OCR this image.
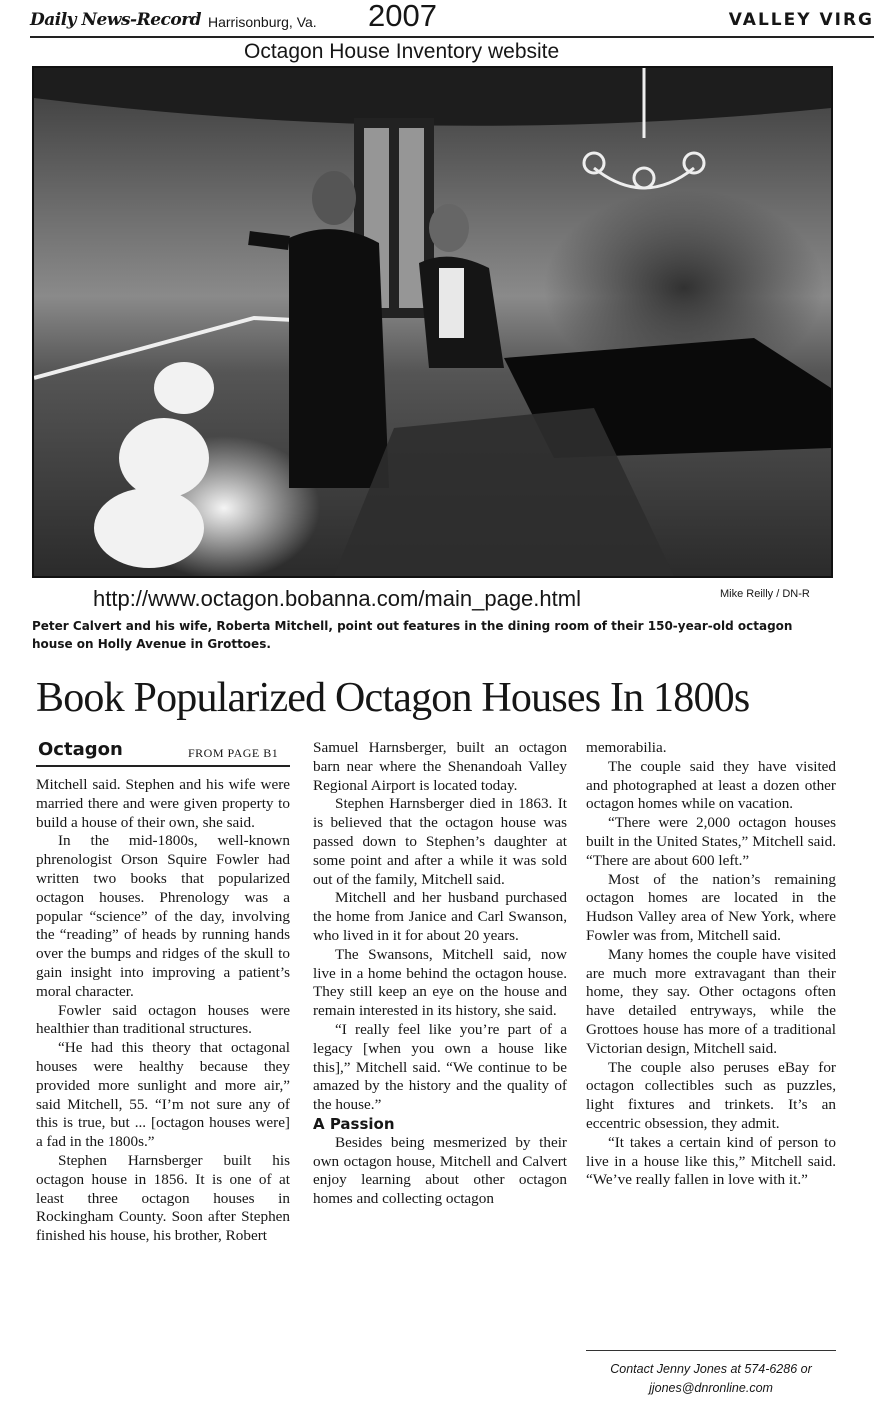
Daily News-Record Harrisonburg, Va. 2007	VALLEY VIRG
Octagon House Inventory website
http://www.octagon.bobanna.com/main_page.html	Mike Reilly / DN-R
Peter Calvert and his wife, Roberta Mitchell, point out features in the dining room of their 150-year-old octagon house on Holly Avenue in Grottoes.
Book Popularized Octagon Houses In 1800s
Octagon	FROM PAGE B1

Mitchell said. Stephen and his wife were married there and were given property to build a house of their own, she said.

In the mid-1800s, well-known phrenologist Orson Squire Fowler had written two books that popularized octagon houses. Phrenology was a popular “science” of the day, involving the “reading” of heads by running hands over the bumps and ridges of the skull to gain insight into improving a patient’s moral character.

Fowler said octagon houses were healthier than traditional structures.

“He had this theory that octagonal houses were healthy because they provided more sunlight and more air,” said Mitchell, 55. “I’m not sure any of this is true, but ... [octagon houses were] a fad in the 1800s.”

Stephen Harnsberger built his octagon house in 1856. It is one of at least three octagon houses in Rockingham County. Soon after Stephen finished his house, his brother, Robert

Samuel Harnsberger, built an octagon barn near where the Shenandoah Valley Regional Airport is located today.

Stephen Harnsberger died in 1863. It is believed that the octagon house was passed down to Stephen’s daughter at some point and after a while it was sold out of the family, Mitchell said.

Mitchell and her husband purchased the home from Janice and Carl Swanson, who lived in it for about 20 years.

The Swansons, Mitchell said, now live in a home behind the octagon house. They still keep an eye on the house and remain interested in its history, she said.

“I really feel like you’re part of a legacy [when you own a house like this],” Mitchell said. “We continue to be amazed by the history and the quality of the house.”

A Passion

Besides being mesmerized by their own octagon house, Mitchell and Calvert enjoy learning about other octagon homes and collecting octagon

memorabilia.

The couple said they have visited and photographed at least a dozen other octagon homes while on vacation.

“There were 2,000 octagon houses built in the United States,” Mitchell said. “There are about 600 left.”

Most of the nation’s remaining octagon homes are located in the Hudson Valley area of New York, where Fowler was from, Mitchell said.

Many homes the couple have visited are much more extravagant than their home, they say. Other octagons often have detailed entryways, while the Grottoes house has more of a traditional Victorian design, Mitchell said.

The couple also peruses eBay for octagon collectibles such as puzzles, light fixtures and trinkets. It’s an eccentric obsession, they admit.

“It takes a certain kind of person to live in a house like this,” Mitchell said. “We’ve really fallen in love with it.”

Contact Jenny Jones at 574-6286 or
jjones@dnronline.com
